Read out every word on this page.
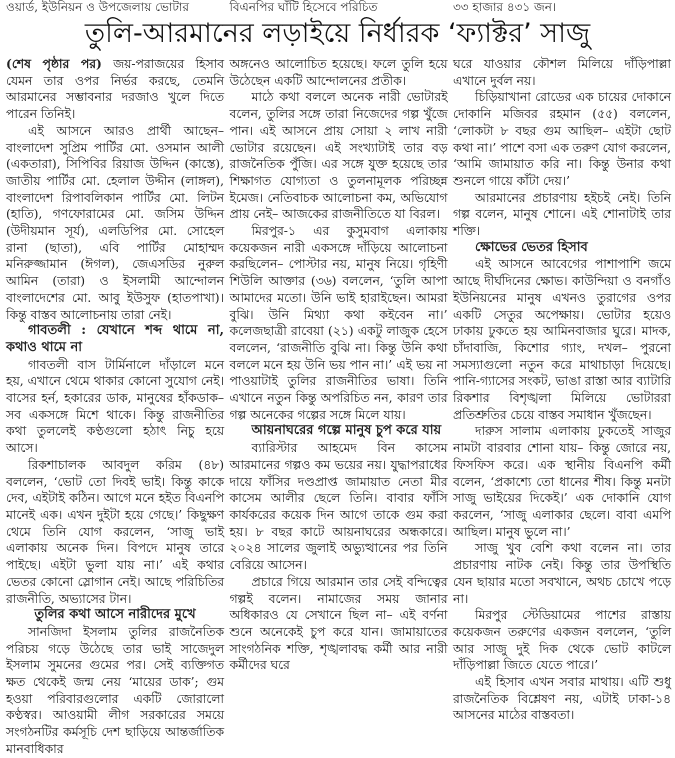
ওয়ার্ড, ইউনিয়ন ও উপজেলায় ভোটার	বিএনপির ঘাঁটি হিসেবে পরিচিত	৩৩ হাজার ৪৩১ জন।
তুলি-আরমানের লড়াইয়ে নির্ধারক ‘ফ্যাক্টর’ সাজু

(শেষ পৃষ্ঠার পর) জয়-পরাজয়ের হিসাব যেমন তার ওপর নির্ভর করছে, তেমনি আরমানের সম্ভাবনার দরজাও খুলে দিতে পারেন তিনিই।

এই আসনে আরও প্রার্থী আছেন– বাংলাদেশ সুপ্রিম পার্টির মো. ওসমান আলী (একতারা), সিপিবির রিয়াজ উদ্দিন (কাস্তে), জাতীয় পার্টির মো. হেলাল উদ্দীন (লাঙ্গল), বাংলাদেশ রিপাবলিকান পার্টির মো. লিটন (হাতি), গণফোরামের মো. জসিম উদ্দিন (উদীয়মান সূর্য), এলডিপির মো. সোহেল রানা (ছাতা), এবি পার্টির মোহাম্মদ মনিরুজ্জামান (ঈগল), জেএসডির নুরুল আমিন (তারা) ও ইসলামী আন্দোলন বাংলাদেশের মো. আবু ইউসুফ (হাতপাখা)। কিন্তু বাস্তব আলোচনায় তারা নেই।

গাবতলী : যেখানে শব্দ থামে না, কথাও থামে না

গাবতলী বাস টার্মিনালে দাঁড়ালে মনে হয়, এখানে থেমে থাকার কোনো সুযোগ নেই। বাসের হর্ন, হকারের ডাক, মানুষের হাঁকডাক– সব একসঙ্গে মিশে থাকে। কিন্তু রাজনীতির কথা তুললেই কণ্ঠগুলো হঠাৎ নিচু হয়ে আসে।

রিকশাচালক আবদুল করিম (৪৮) বললেন, ‘ভোট তো দিবই ভাই। কিন্তু কাকে দেব, এইটাই কঠিন। আগে মনে হইত বিএনপি মানেই এক। এখন দুইটা হয়ে গেছে।’ কিছুক্ষণ থেমে তিনি যোগ করলেন, ‘সাজু ভাই এলাকায় অনেক দিন। বিপদে মানুষ তারে পাইছে। এইটা ভুলা যায় না।’ এই কথার ভেতর কোনো স্লোগান নেই। আছে পরিচিতির রাজনীতি, অভ্যাসের টান।

তুলির কথা আসে নারীদের মুখে

সানজিদা ইসলাম তুলির রাজনৈতিক পরিচয় গড়ে উঠেছে তার ভাই সাজেদুল ইসলাম সুমনের গুমের পর। সেই ব্যক্তিগত ক্ষত থেকেই জন্ম নেয় ‘মায়ের ডাক’; গুম হওয়া পরিবারগুলোর একটি জোরালো কণ্ঠস্বর। আওয়ামী লীগ সরকারের সময়ে সংগঠনটির কর্মসূচি দেশ ছাড়িয়ে আন্তর্জাতিক মানবাধিকার

অঙ্গনেও আলোচিত হয়েছে। ফলে তুলি হয়ে উঠেছেন একটি আন্দোলনের প্রতীক।

মাঠে কথা বললে অনেক নারী ভোটারই বলেন, তুলির সঙ্গে তারা নিজেদের গল্প খুঁজে পান। এই আসনে প্রায় সোয়া ২ লাখ নারী ভোটার রয়েছেন। এই সংখ্যাটাই তার বড় রাজনৈতিক পুঁজি। এর সঙ্গে যুক্ত হয়েছে তার শিক্ষাগত যোগ্যতা ও তুলনামূলক পরিচ্ছন্ন ইমেজ। নেতিবাচক আলোচনা কম, অভিযোগ প্রায় নেই– আজকের রাজনীতিতে যা বিরল।

মিরপুর-১ এর কুসুমবাগ এলাকায় কয়েকজন নারী একসঙ্গে দাঁড়িয়ে আলোচনা করছিলেন– পোস্টার নয়, মানুষ নিয়ে। গৃহিণী শিউলি আক্তার (৩৬) বললেন, ‘তুলি আপা আমাদের মতো। উনি ভাই হারাইছেন। আমরা বুঝি। উনি মিথ্যা কথা কইবেন না।’ কলেজছাত্রী রাবেয়া (২১) একটু লাজুক হেসে বললেন, ‘রাজনীতি বুঝি না। কিন্তু উনি কথা বললে মনে হয় উনি ভয় পান না।’ এই ভয় না পাওয়াটাই তুলির রাজনীতির ভাষা। তিনি এখানে নতুন কিন্তু অপরিচিত নন, কারণ তার গল্প অনেকের গল্পের সঙ্গে মিলে যায়।

আয়নাঘরের গল্পে মানুষ চুপ করে যায়

ব্যারিস্টার আহমেদ বিন কাসেম আরমানের গল্পও কম ভয়ের নয়। যুদ্ধাপরাধের দায়ে ফাঁসির দণ্ডপ্রাপ্ত জামায়াত নেতা মীর কাসেম আলীর ছেলে তিনি। বাবার ফাঁসি কার্যকরের কয়েক দিন আগে তাকে গুম করা হয়। ৮ বছর কাটে আয়নাঘরের অন্ধকারে। ২০২৪ সালের জুলাই অভ্যুত্থানের পর তিনি বেরিয়ে আসেন।

প্রচারে গিয়ে আরমান তার সেই বন্দিত্বের গল্পই বলেন। নামাজের সময় জানার অধিকারও যে সেখানে ছিল না– এই বর্ণনা শুনে অনেকেই চুপ করে যান। জামায়াতের সাংগঠনিক শক্তি, শৃঙ্খলাবদ্ধ কর্মী আর নারী কর্মীদের ঘরে

ঘরে যাওয়ার কৌশল মিলিয়ে দাঁড়িপাল্লা এখানে দুর্বল নয়।

চিড়িয়াখানা রোডের এক চায়ের দোকানে দোকানি মজিবর রহমান (৫৫) বললেন, ‘লোকটা ৮ বছর গুম আছিল– এইটা ছোট কথা না।’ পাশে বসা এক তরুণ যোগ করলেন, ‘আমি জামায়াত করি না। কিন্তু উনার কথা শুনলে গায়ে কাঁটা দেয়।’

আরমানের প্রচারণায় হইচই নেই। তিনি গল্প বলেন, মানুষ শোনে। এই শোনাটাই তার শক্তি।

ক্ষোভের ভেতর হিসাব

এই আসনে আবেগের পাশাপাশি জমে আছে দীর্ঘদিনের ক্ষোভ। কাউন্দিয়া ও বনগাঁও ইউনিয়নের মানুষ এখনও তুরাগের ওপর একটি সেতুর অপেক্ষায়। ভোটার হয়েও ঢাকায় ঢুকতে হয় আমিনবাজার ঘুরে। মাদক, চাঁদাবাজি, কিশোর গ্যাং, দখল– পুরনো সমস্যাগুলো নতুন করে মাথাচাড়া দিয়েছে। পানি-গ্যাসের সংকট, ভাঙা রাস্তা আর ব্যাটারি রিকশার বিশৃঙ্খলা মিলিয়ে ভোটাররা প্রতিশ্রুতির চেয়ে বাস্তব সমাধান খুঁজছেন।

দারুস সালাম এলাকায় ঢুকতেই সাজুর নামটা বারবার শোনা যায়– কিন্তু জোরে নয়, ফিসফিস করে। এক স্থানীয় বিএনপি কর্মী বলেন, ‘প্রকাশ্যে তো ধানের শীষ। কিন্তু মনটা সাজু ভাইয়ের দিকেই।’ এক দোকানি যোগ করলেন, ‘সাজু এলাকার ছেলে। বাবা এমপি আছিল। মানুষ ভুলে না।’

সাজু খুব বেশি কথা বলেন না। তার প্রচারণায় নাটক নেই। কিন্তু তার উপস্থিতি যেন ছায়ার মতো সবখানে, অথচ চোখে পড়ে না।

মিরপুর স্টেডিয়ামের পাশের রাস্তায় কয়েকজন তরুণের একজন বললেন, ‘তুলি আর সাজু দুই দিক থেকে ভোট কাটলে দাঁড়িপাল্লা জিতে যেতে পারে।’

এই হিসাব এখন সবার মাথায়। এটি শুধু রাজনৈতিক বিশ্লেষণ নয়, এটাই ঢাকা-১৪ আসনের মাঠের বাস্তবতা।
